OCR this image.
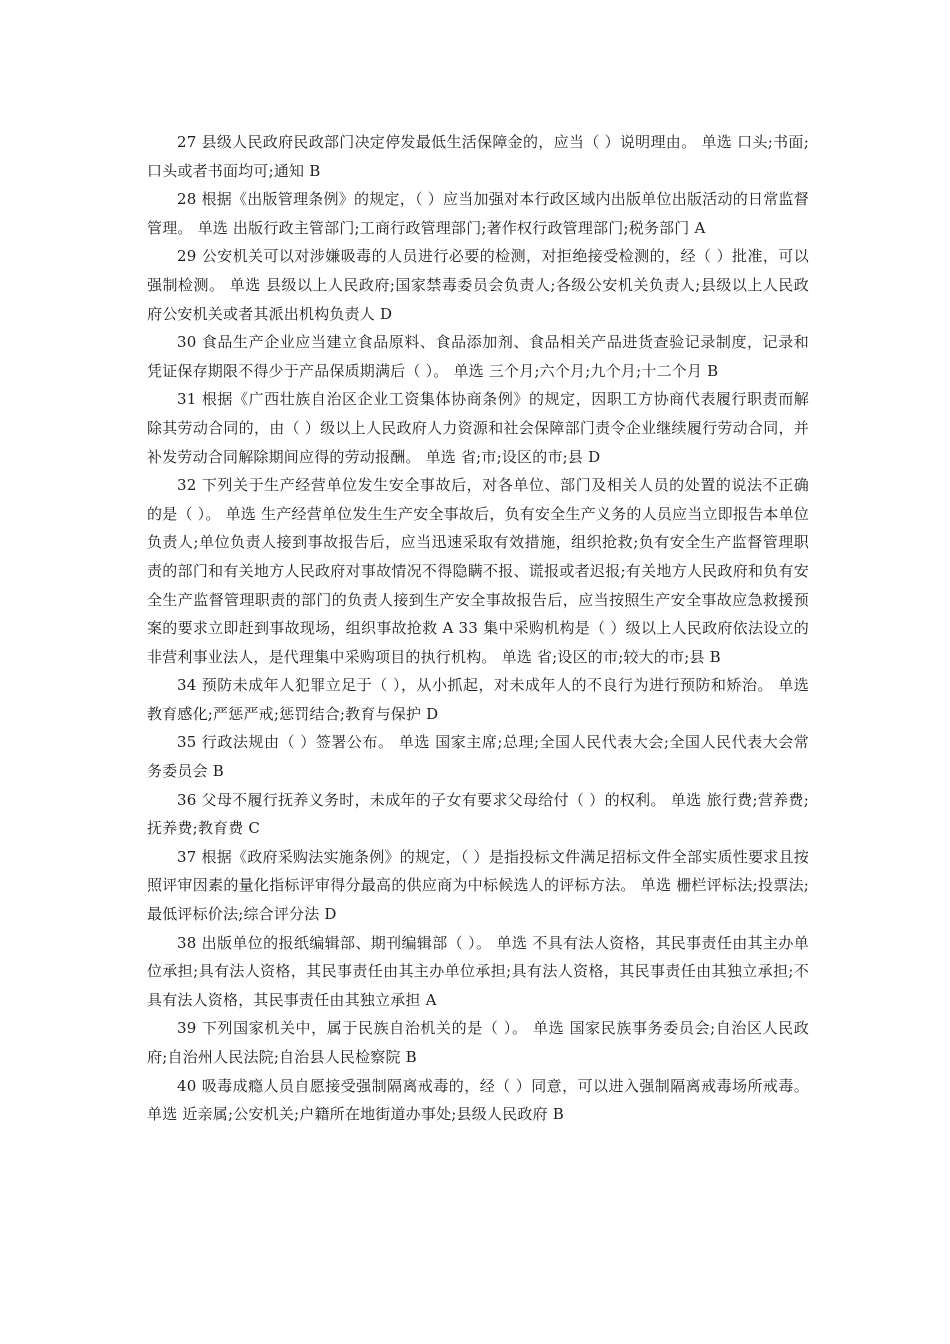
27 县级人民政府民政部门决定停发最低生活保障金的，应当（ ）说明理由。 单选 口头;书面;口头或者书面均可;通知 B

28 根据《出版管理条例》的规定，（ ）应当加强对本行政区域内出版单位出版活动的日常监督管理。 单选 出版行政主管部门;工商行政管理部门;著作权行政管理部门;税务部门 A

29 公安机关可以对涉嫌吸毒的人员进行必要的检测，对拒绝接受检测的，经（ ）批准，可以强制检测。 单选 县级以上人民政府;国家禁毒委员会负责人;各级公安机关负责人;县级以上人民政府公安机关或者其派出机构负责人 D

30 食品生产企业应当建立食品原料、食品添加剂、食品相关产品进货查验记录制度，记录和凭证保存期限不得少于产品保质期满后（ ）。 单选 三个月;六个月;九个月;十二个月 B

31 根据《广西壮族自治区企业工资集体协商条例》的规定，因职工方协商代表履行职责而解除其劳动合同的，由（ ）级以上人民政府人力资源和社会保障部门责令企业继续履行劳动合同，并补发劳动合同解除期间应得的劳动报酬。 单选 省;市;设区的市;县 D

32 下列关于生产经营单位发生安全事故后，对各单位、部门及相关人员的处置的说法不正确的是（ ）。 单选 生产经营单位发生生产安全事故后，负有安全生产义务的人员应当立即报告本单位负责人;单位负责人接到事故报告后，应当迅速采取有效措施，组织抢救;负有安全生产监督管理职责的部门和有关地方人民政府对事故情况不得隐瞒不报、谎报或者迟报;有关地方人民政府和负有安全生产监督管理职责的部门的负责人接到生产安全事故报告后，应当按照生产安全事故应急救援预案的要求立即赶到事故现场，组织事故抢救 A 33 集中采购机构是（ ）级以上人民政府依法设立的非营利事业法人，是代理集中采购项目的执行机构。 单选 省;设区的市;较大的市;县 B

34 预防未成年人犯罪立足于（ ），从小抓起，对未成年人的不良行为进行预防和矫治。 单选 教育感化;严惩严戒;惩罚结合;教育与保护 D

35 行政法规由（ ）签署公布。 单选 国家主席;总理;全国人民代表大会;全国人民代表大会常务委员会 B

36 父母不履行抚养义务时，未成年的子女有要求父母给付（ ）的权利。 单选 旅行费;营养费;抚养费;教育费 C

37 根据《政府采购法实施条例》的规定，（ ）是指投标文件满足招标文件全部实质性要求且按照评审因素的量化指标评审得分最高的供应商为中标候选人的评标方法。 单选 栅栏评标法;投票法;最低评标价法;综合评分法 D

38 出版单位的报纸编辑部、期刊编辑部（ ）。 单选 不具有法人资格，其民事责任由其主办单位承担;具有法人资格，其民事责任由其主办单位承担;具有法人资格，其民事责任由其独立承担;不具有法人资格，其民事责任由其独立承担 A

39 下列国家机关中，属于民族自治机关的是（ ）。 单选 国家民族事务委员会;自治区人民政府;自治州人民法院;自治县人民检察院 B

40 吸毒成瘾人员自愿接受强制隔离戒毒的，经（ ）同意，可以进入强制隔离戒毒场所戒毒。 单选 近亲属;公安机关;户籍所在地街道办事处;县级人民政府 B
